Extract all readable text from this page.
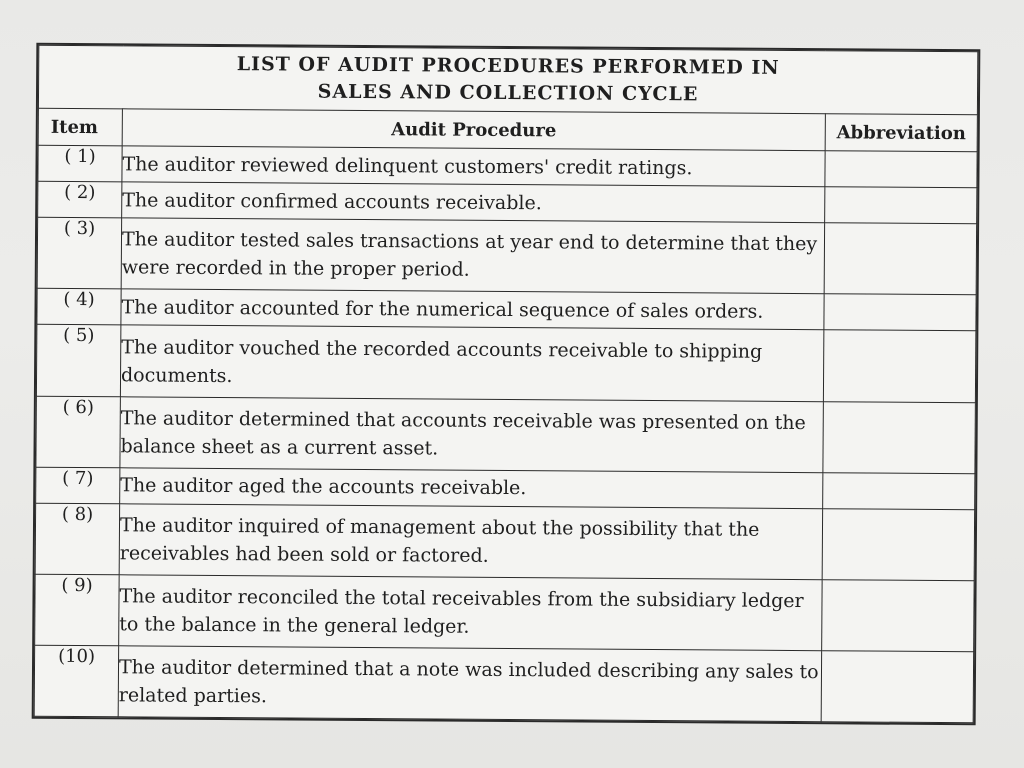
LIST OF AUDIT PROCEDURES PERFORMED IN
SALES AND COLLECTION CYCLE		

Item	Audit Procedure	Abbreviation
( 1)	The auditor reviewed delinquent customers' credit ratings.	
( 2)	The auditor confirmed accounts receivable.	
( 3)	The auditor tested sales transactions at year end to determine that they were recorded in the proper period.	
( 4)	The auditor accounted for the numerical sequence of sales orders.	
( 5)	The auditor vouched the recorded accounts receivable to shipping documents.	
( 6)	The auditor determined that accounts receivable was presented on the balance sheet as a current asset.	
( 7)	The auditor aged the accounts receivable.	
( 8)	The auditor inquired of management about the possibility that the receivables had been sold or factored.	
( 9)	The auditor reconciled the total receivables from the subsidiary ledger to the balance in the general ledger.	
(10)	The auditor determined that a note was included describing any sales to related parties.	
